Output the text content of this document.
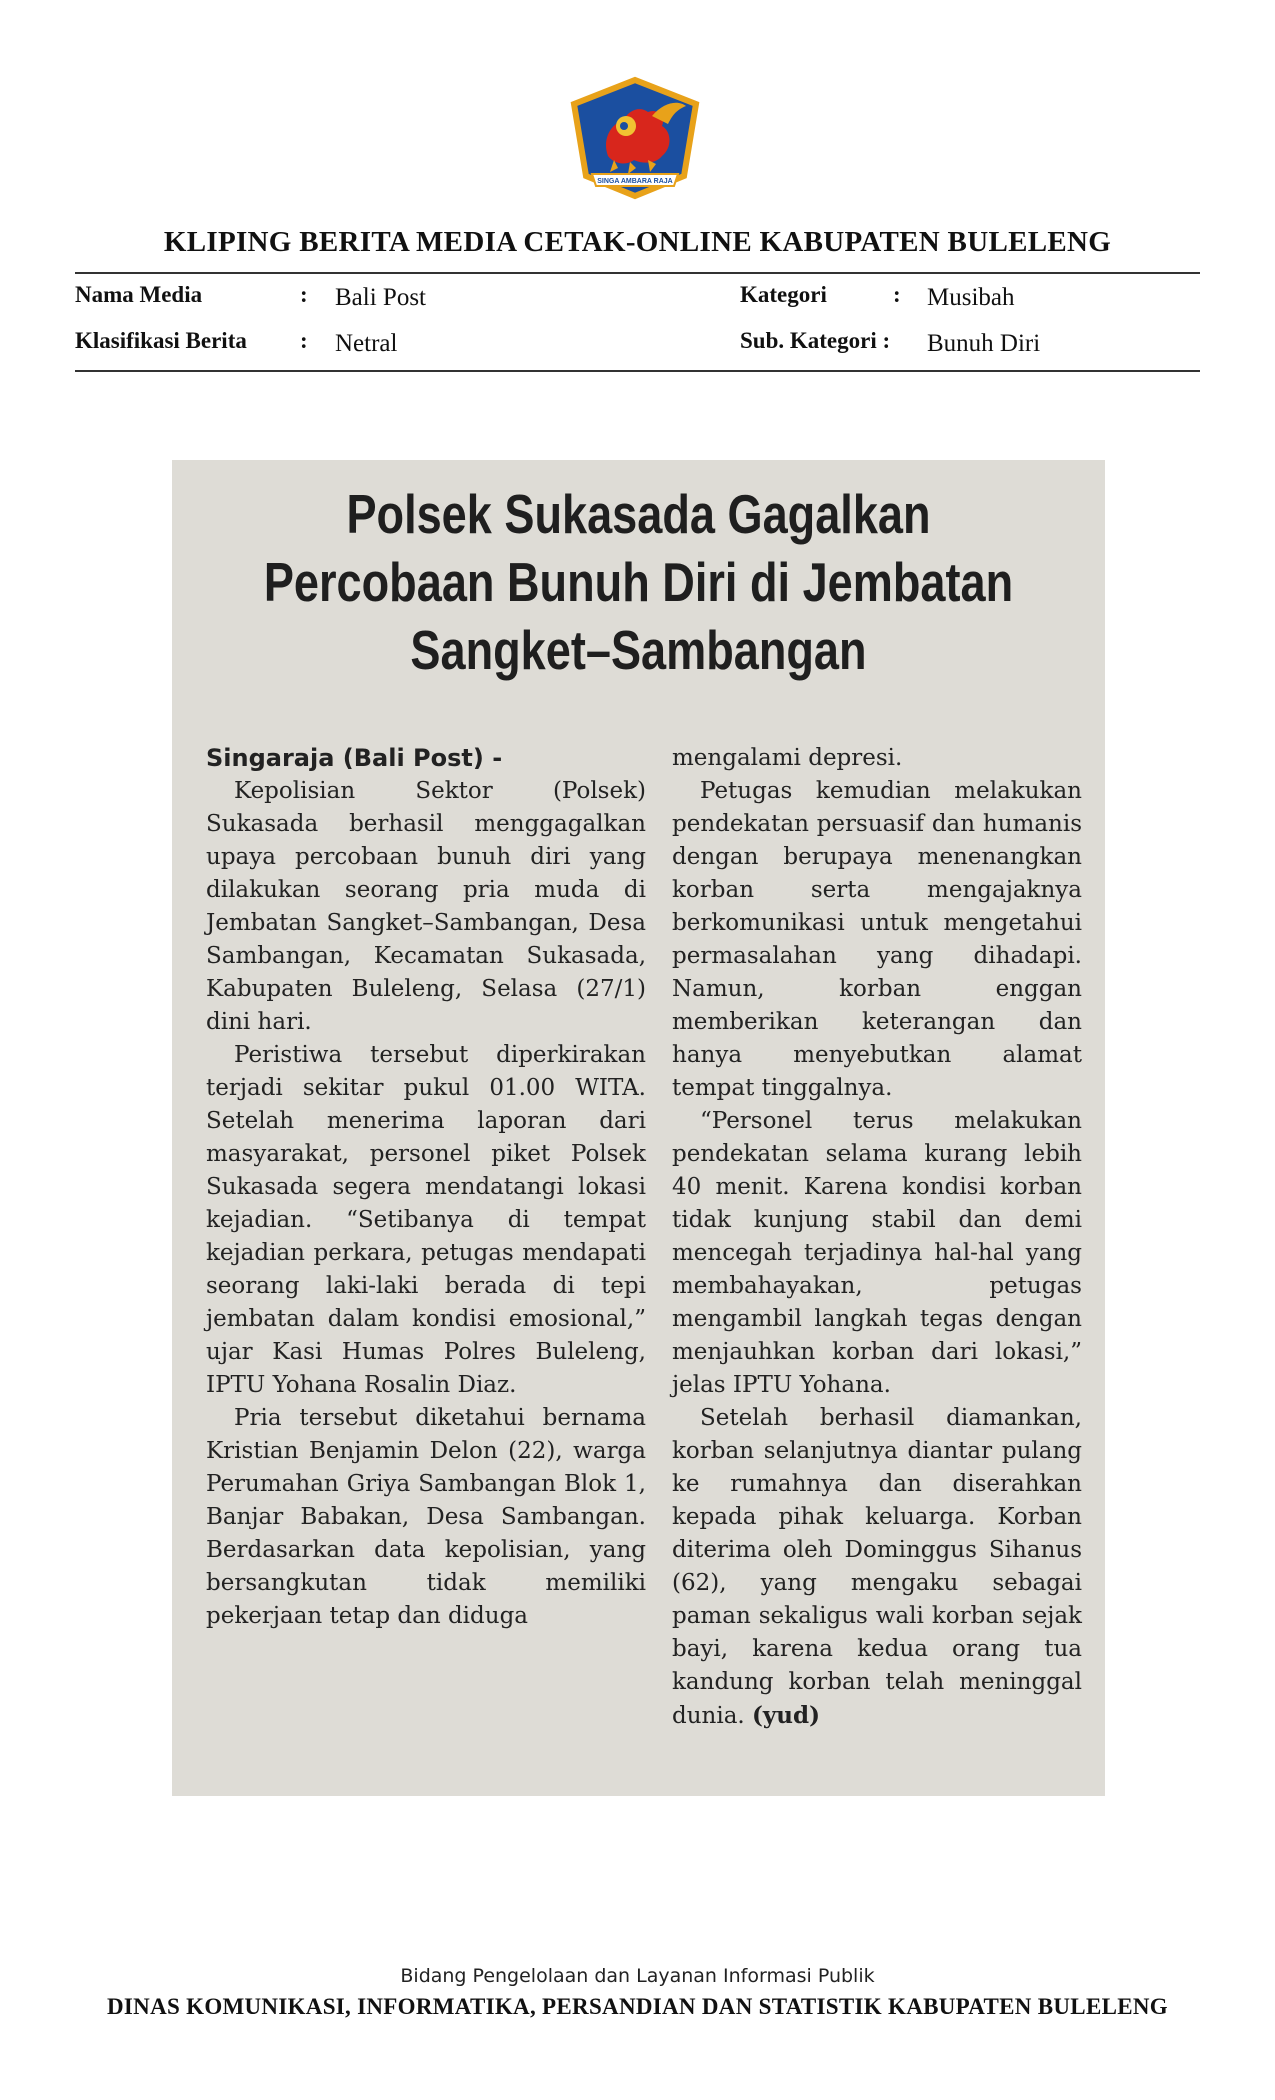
SINGA AMBARA RAJA
KLIPING BERITA MEDIA CETAK-ONLINE KABUPATEN BULELENG
Nama Media	: Bali Post
Klasifikasi Berita : Netral
Kategori	: Musibah
Sub. Kategori : Bunuh Diri
Polsek Sukasada Gagalkan
Percobaan Bunuh Diri di Jembatan
Sangket–Sambangan

Singaraja (Bali Post) -

Kepolisian Sektor (Polsek) Sukasada berhasil menggagalkan upaya percobaan bunuh diri yang dilakukan seorang pria muda di Jembatan Sangket–Sambangan, Desa Sambangan, Kecamatan Sukasada, Kabupaten Buleleng, Selasa (27/1) dini hari.

Peristiwa tersebut diperkirakan terjadi sekitar pukul 01.00 WITA. Setelah menerima laporan dari masyarakat, personel piket Polsek Sukasada segera mendatangi lokasi kejadian. “Setibanya di tempat kejadian perkara, petugas mendapati seorang laki-laki berada di tepi jembatan dalam kondisi emosional,” ujar Kasi Humas Polres Buleleng, IPTU Yohana Rosalin Diaz.

Pria tersebut diketahui bernama Kristian Benjamin Delon (22), warga Perumahan Griya Sambangan Blok 1, Banjar Babakan, Desa Sambangan. Berdasarkan data kepolisian, yang bersangkutan tidak memiliki pekerjaan tetap dan diduga

mengalami depresi.

Petugas kemudian melakukan pendekatan persuasif dan humanis dengan berupaya menenangkan korban serta mengajaknya berkomunikasi untuk mengetahui permasalahan yang dihadapi. Namun, korban enggan memberikan keterangan dan hanya menyebutkan alamat tempat tinggalnya.

“Personel terus melakukan pendekatan selama kurang lebih 40 menit. Karena kondisi korban tidak kunjung stabil dan demi mencegah terjadinya hal-hal yang membahayakan, petugas mengambil langkah tegas dengan menjauhkan korban dari lokasi,” jelas IPTU Yohana.

Setelah berhasil diamankan, korban selanjutnya diantar pulang ke rumahnya dan diserahkan kepada pihak keluarga. Korban diterima oleh Dominggus Sihanus (62), yang mengaku sebagai paman sekaligus wali korban sejak bayi, karena kedua orang tua kandung korban telah meninggal dunia. (yud)

Bidang Pengelolaan dan Layanan Informasi Publik
DINAS KOMUNIKASI, INFORMATIKA, PERSANDIAN DAN STATISTIK KABUPATEN BULELENG
